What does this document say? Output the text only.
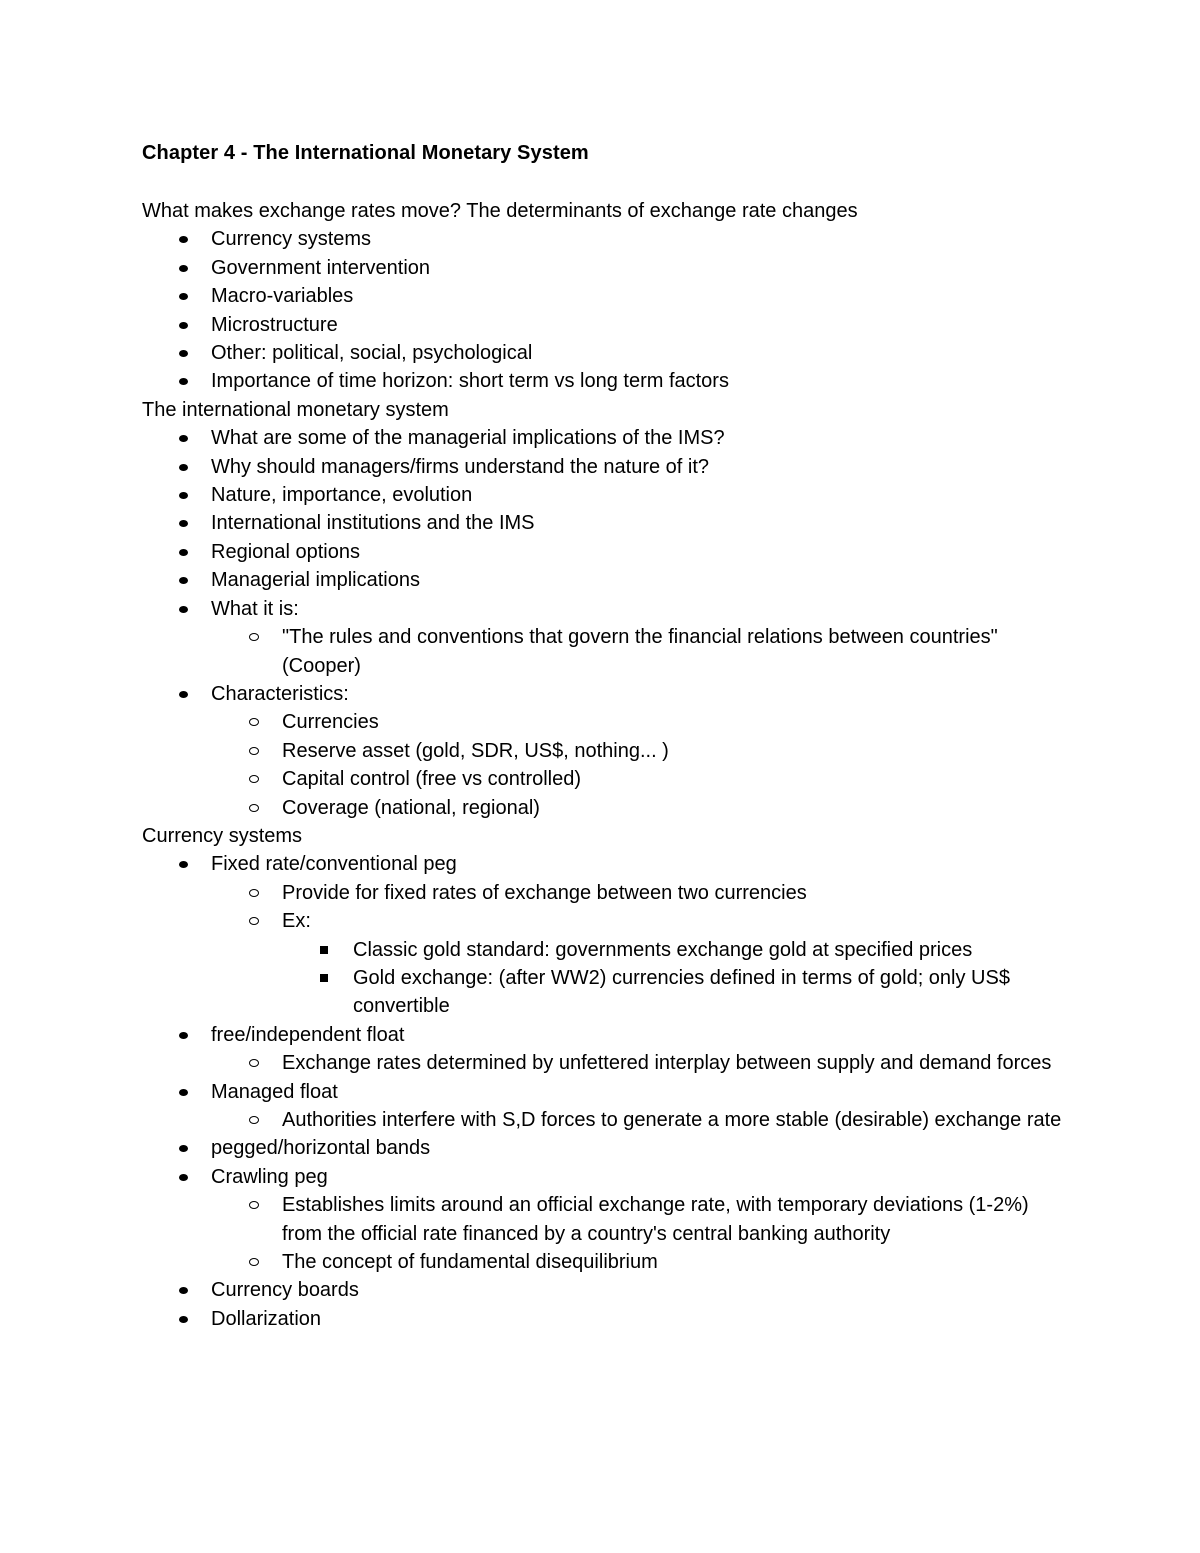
Chapter 4 - The International Monetary System
What makes exchange rates move? The determinants of exchange rate changes
Currency systems
Government intervention
Macro-variables
Microstructure
Other: political, social, psychological
Importance of time horizon: short term vs long term factors
The international monetary system
What are some of the managerial implications of the IMS?
Why should managers/firms understand the nature of it?
Nature, importance, evolution
International institutions and the IMS
Regional options
Managerial implications
What it is:
"The rules and conventions that govern the financial relations between countries" (Cooper)
Characteristics:
Currencies
Reserve asset (gold, SDR, US$, nothing... )
Capital control (free vs controlled)
Coverage (national, regional)
Currency systems
Fixed rate/conventional peg
Provide for fixed rates of exchange between two currencies
Ex:
Classic gold standard: governments exchange gold at specified prices
Gold exchange: (after WW2) currencies defined in terms of gold; only US$ convertible
free/independent float
Exchange rates determined by unfettered interplay between supply and demand forces
Managed float
Authorities interfere with S,D forces to generate a more stable (desirable) exchange rate
pegged/horizontal bands
Crawling peg
Establishes limits around an official exchange rate, with temporary deviations (1-2%) from the official rate financed by a country's central banking authority
The concept of fundamental disequilibrium
Currency boards
Dollarization
